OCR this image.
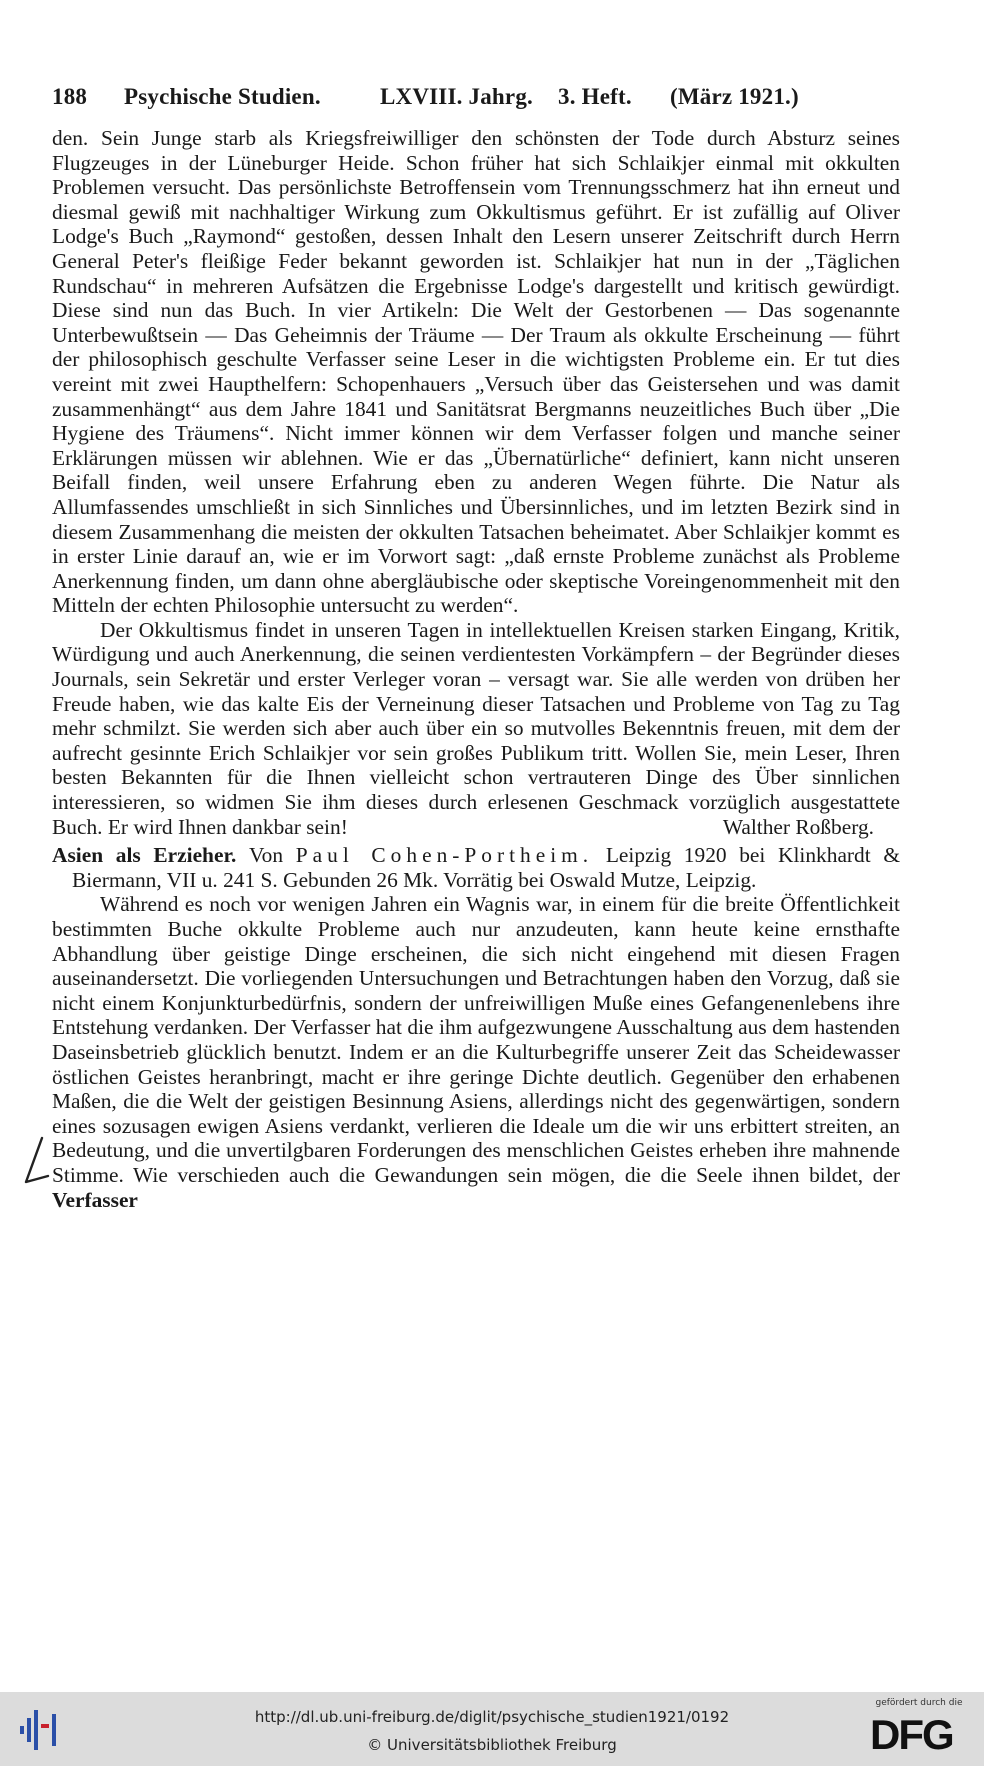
188 Psychische Studien.	LXVIII. Jahrg. 3. Heft. (März 1921.)

den. Sein Junge starb als Kriegsfreiwilliger den schönsten der Tode durch Absturz seines Flugzeuges in der Lüneburger Heide. Schon früher hat sich Schlaikjer einmal mit okkulten Problemen versucht. Das persönlichste Betroffensein vom Trennungsschmerz hat ihn erneut und diesmal gewiß mit nachhaltiger Wirkung zum Okkultismus geführt. Er ist zufällig auf Oliver Lodge's Buch „Raymond“ gestoßen, dessen Inhalt den Lesern unserer Zeitschrift durch Herrn General Peter's fleißige Feder bekannt geworden ist. Schlaikjer hat nun in der „Täglichen Rundschau“ in mehreren Aufsätzen die Ergebnisse Lodge's dargestellt und kritisch gewürdigt. Diese sind nun das Buch. In vier Artikeln: Die Welt der Gestorbenen — Das sogenannte Unterbewußtsein — Das Geheimnis der Träume — Der Traum als okkulte Erscheinung — führt der philosophisch geschulte Verfasser seine Leser in die wichtigsten Probleme ein. Er tut dies vereint mit zwei Haupthelfern: Schopenhauers „Versuch über das Geistersehen und was damit zusammenhängt“ aus dem Jahre 1841 und Sanitätsrat Bergmanns neuzeitliches Buch über „Die Hygiene des Träumens“. Nicht immer können wir dem Verfasser folgen und manche seiner Erklärungen müssen wir ablehnen. Wie er das „Übernatürliche“ definiert, kann nicht unseren Beifall finden, weil unsere Erfahrung eben zu anderen Wegen führte. Die Natur als Allumfassendes umschließt in sich Sinnliches und Übersinnliches, und im letzten Bezirk sind in diesem Zusammenhang die meisten der okkulten Tatsachen beheimatet. Aber Schlaikjer kommt es in erster Linie darauf an, wie er im Vorwort sagt: „daß ernste Probleme zunächst als Probleme Anerkennung finden, um dann ohne abergläubische oder skeptische Voreingenommenheit mit den Mitteln der echten Philosophie untersucht zu werden“.

Der Okkultismus findet in unseren Tagen in intellektuellen Kreisen starken Eingang, Kritik, Würdigung und auch Anerkennung, die seinen verdientesten Vorkämpfern – der Begründer dieses Journals, sein Sekretär und erster Verleger voran – versagt war. Sie alle werden von drüben her Freude haben, wie das kalte Eis der Verneinung dieser Tatsachen und Probleme von Tag zu Tag mehr schmilzt. Sie werden sich aber auch über ein so mutvolles Bekenntnis freuen, mit dem der aufrecht gesinnte Erich Schlaikjer vor sein großes Publikum tritt. Wollen Sie, mein Leser, Ihren besten Bekannten für die Ihnen vielleicht schon vertrauteren Dinge des Über sinnlichen interessieren, so widmen Sie ihm dieses durch erlesenen Geschmack vorzüglich ausgestattete Buch. Er wird Ihnen dankbar sein!	Walther Roßberg.

Asien als Erzieher. Von Paul Cohen-Portheim. Leipzig 1920 bei Klinkhardt & Biermann, VII u. 241 S. Gebunden 26 Mk. Vorrätig bei Oswald Mutze, Leipzig.

Während es noch vor wenigen Jahren ein Wagnis war, in einem für die breite Öffentlichkeit bestimmten Buche okkulte Probleme auch nur anzudeuten, kann heute keine ernsthafte Abhandlung über geistige Dinge erscheinen, die sich nicht eingehend mit diesen Fragen auseinandersetzt. Die vorliegenden Untersuchungen und Betrachtungen haben den Vorzug, daß sie nicht einem Konjunkturbedürfnis, sondern der unfreiwilligen Muße eines Gefangenenlebens ihre Entstehung verdanken. Der Verfasser hat die ihm aufgezwungene Ausschaltung aus dem hastenden Daseinsbetrieb glücklich benutzt. Indem er an die Kulturbegriffe unserer Zeit das Scheidewasser östlichen Geistes heranbringt, macht er ihre geringe Dichte deutlich. Gegenüber den erhabenen Maßen, die die Welt der geistigen Besinnung Asiens, allerdings nicht des gegenwärtigen, sondern eines sozusagen ewigen Asiens verdankt, verlieren die Ideale um die wir uns erbittert streiten, an Bedeutung, und die unvertilgbaren Forderungen des menschlichen Geistes erheben ihre mahnende Stimme. Wie verschieden auch die Gewandungen sein mögen, die die Seele ihnen bildet, der Verfasser

http://dl.ub.uni-freiburg.de/diglit/psychische_studien1921/0192
© Universitätsbibliothek Freiburg
gefördert durch die
DFG
